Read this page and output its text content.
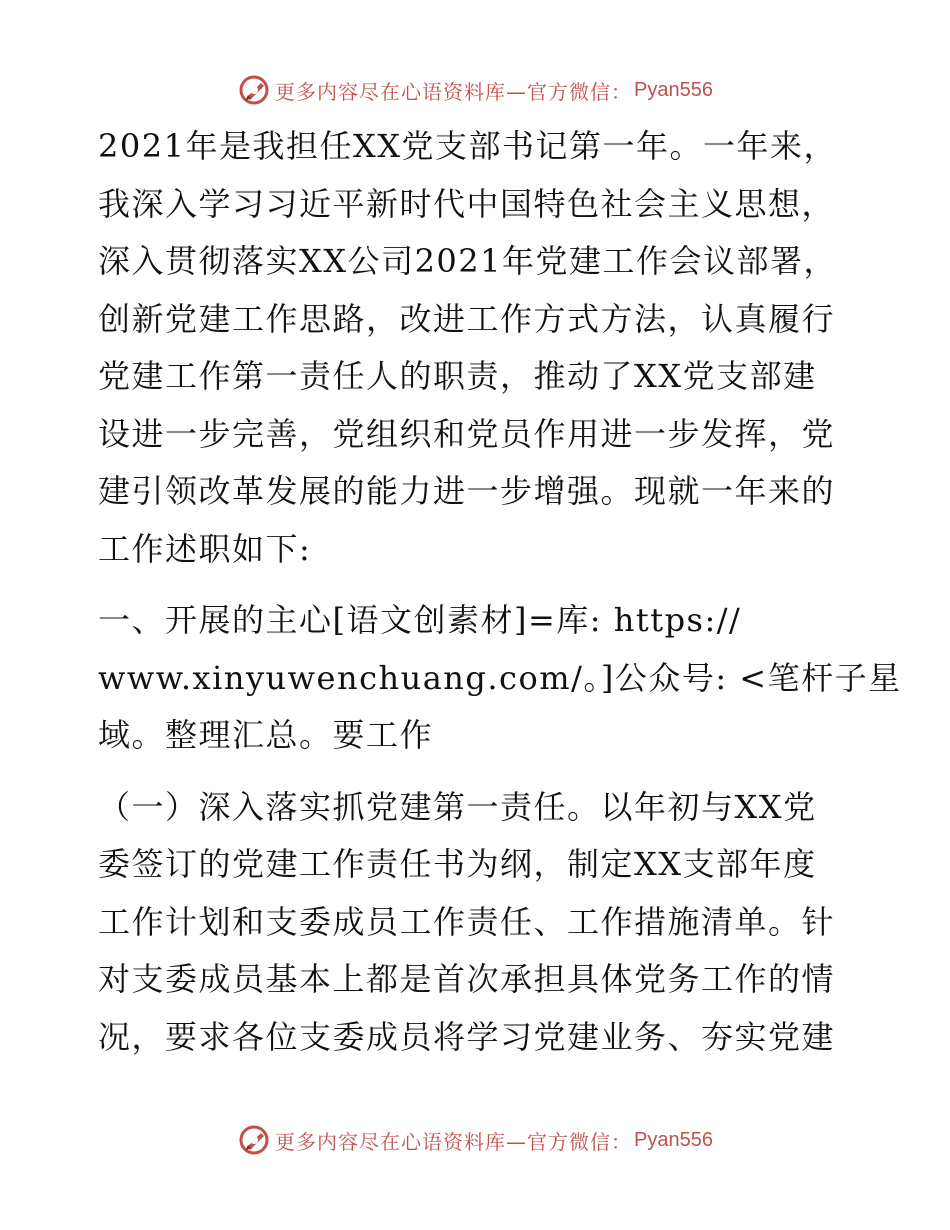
更多内容尽在心语资料库—官方微信： Pyan556

2021年是我担任XX党支部书记第一年。一年来，
我深入学习习近平新时代中国特色社会主义思想，
深入贯彻落实XX公司2021年党建工作会议部署，
创新党建工作思路，改进工作方式方法，认真履行
党建工作第一责任人的职责，推动了XX党支部建
设进一步完善，党组织和党员作用进一步发挥，党
建引领改革发展的能力进一步增强。现就一年来的
工作述职如下:

一、开展的主心[语文创素材]=库: https://
www.xinyuwenchuang.com/。]公众号: <笔杆子星
域。整理汇总。要工作

（一）深入落实抓党建第一责任。以年初与XX党
委签订的党建工作责任书为纲，制定XX支部年度
工作计划和支委成员工作责任、工作措施清单。针
对支委成员基本上都是首次承担具体党务工作的情
况，要求各位支委成员将学习党建业务、夯实党建

更多内容尽在心语资料库—官方微信： Pyan556
